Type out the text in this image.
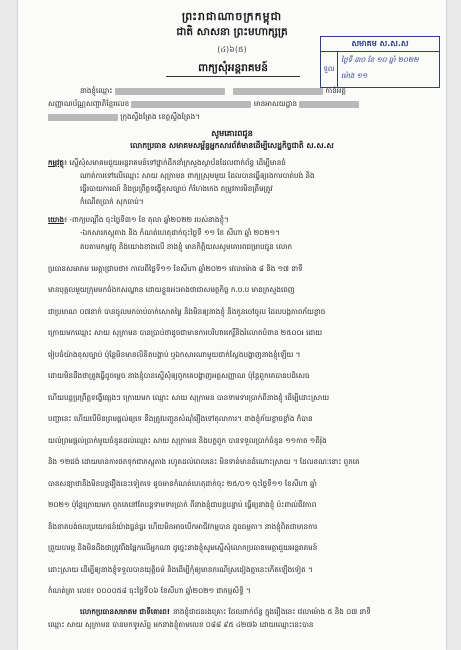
ព្រះរាជាណាចក្រកម្ពុជា
ជាតិ សាសនា ព្រះមហាក្សត្រ
(៤)៦(៥)
សមាគម ស.ស.ស
ទួល
ថ្ងៃទី ៣០ ខែ ១០ ឆ្នាំ ២០២២
ម៉ោង ១១
ពាក្យសុំអន្តរាគមន៍
នាងខ្ញុំឈ្មោះ	កាន់អត្ត
សញ្ញាណប័ណ្ណសញ្ជាតិខ្មែរលេខ	មានអាសយដ្ឋាន
ក្រុងស្ទឹងត្រែង ខេត្តស្ទឹងត្រែង។
សូមគោរពជូន
លោកប្រធាន សមាគមសម្ព័ន្ធអ្នកសារព័ត៌មានដើម្បីសេដ្ឋកិច្ចជាតិ ស.ស.ស
កម្មវត្ថុ៖ ស្នើសុំសមាគមជួយអន្តរាគមន៍ទៅថ្នាក់ដឹកនាំក្រសួងស្ថាប័នដែលពាក់ព័ន្ធ ដើម្បីមានចំ
ណាត់ការទៅលើឈ្មោះ សាយ សុក្រាមន ពាក្យស្រុមមួយ ដែលបានធ្វើឲ្យរងការបាត់បង់ និង
ធ្វើរបាយការណ៍ និងប្រព្រឹត្តទង្វើខុសច្បាប់ កំហែងកេង តម្រូវការមិនត្រឹមត្រូវ
កំណើតប្រាក់ សុកចាប់។
យោង៖ -ពាក្យបណ្តឹង ចុះថ្ងៃទី៣១ ខែ តុលា ឆ្នាំ២០២២ របស់នាងខ្ញុំ។
-ឯកសារភស្តុតាង និង កំណត់ហេតុដាក់ចុះថ្ងៃទី ១១ ខែ សីហា ឆ្នាំ ២០២១។
តបតាមកម្មវត្ថុ និងយោងខាងលើ នាងខ្ញុំ មានកិត្តិយសសូមគោរពជម្រាបជូន លោក
ប្រធានសមាគម មេត្តាជ្រាបថា៖ កាលពីថ្ងៃទី១១ ខែសីហា ឆ្នាំ២០២១ វេលាម៉ោង ៨ និង ១៧ នាទី
មានបុគ្គលមួយក្រុមមកចំងកសណ្ឋាន ដោយខ្លួនអះអាងថាជាសមត្ថកិច្ច ក.ប.ប មានក្រសួងពេញ
ជាប្រមាណ ០៧នាក់ បានចូលមកចាប់ចាក់សោតម្លៃ និងមិនឲ្យនាងខ្ញុំ និងកូនចៅចូល ដែលបង្កភាពភ័យខ្លាច
ក្រោយមកឈ្មោះ សាយ សុក្រាមន បានប្រាប់ថាដូចជាមានការបរិហារកេរ្តិ៍និងរំលោភបំពាន ២៥០០៛ ដោយ
រៀបចំយ៉ាងខុសច្បាប់ ប៉ុន្តែមិនមានលិខិតបង្គាប់ ឬឯកសារណាមួយជាក់ស្តែងបង្ហាញនាងខ្ញុំឡើយ ។
ដោយមិនដឹងថាត្រូវធ្វើដូចម្តេច នាងខ្ញុំបានស្នើសុំឲ្យពួកគេបង្ហាញអត្តសញ្ញាណ ប៉ុន្តែពួកគេបានបដិសេធ
ហើយបន្តប្រព្រឹត្តទង្វើផ្សេងៗ ក្រោយមក ឈ្មោះ សាយ សុក្រាមន បានទាមទារប្រាក់ពីនាងខ្ញុំ ដើម្បីដោះស្រាយ
បញ្ហានេះ ហើយបើមិនព្រមផ្តល់ឲ្យទេ នឹងត្រូវបញ្ជូនសំណុំរឿងទៅតុលាការ។ នាងខ្ញុំភ័យខ្លាចខ្លាំង ក៏បាន
យល់ព្រមផ្តល់ប្រាក់មួយចំនួនដល់ឈ្មោះ សាយ សុក្រាមន និងបក្ខពួក បានទទួលប្រាក់ចំនួន ១១កាត ១ពីរ៉ុង
និង ១២ជង់ ដោយមានការថតទុកជាភស្តុតាង រហូតដល់ពេលនេះ មិនទាន់មានដំណោះស្រាយ ។ ដែលខណៈនោះ ពួកគេ
បានសន្យាថានឹងមិនបន្តរឿងនេះទៀតទេ ដូចមានកំណត់ហេតុដាក់ចុះ ២៥/០១ ចុះថ្ងៃទី១១ ខែសីហា ឆ្នាំ
២០២១ ប៉ុន្តែក្រោយមក ពួកគេនៅតែបន្តទាមទារប្រាក់ ពីនាងខ្ញុំជាបន្តបន្ទាប់ ធ្វើឲ្យនាងខ្ញុំ ប៉ះពាល់ជីវភាព
និងខាតបង់ផលប្រយោជន៍យ៉ាងធ្ងន់ធ្ងរ ហើយមិនអាចបើកអាជីវកម្មបាន ដូចធម្មតា។ នាងខ្ញុំពិតជាមានការ
ព្រួយបារម្ភ និងមិនដឹងថាត្រូវពឹងផ្អែកលើអ្នកណា ដូច្នេះនាងខ្ញុំសូមស្នើសុំលោកប្រធានមេត្តាជួយអន្តរាគមន៍
ដោះស្រាយ ដើម្បីឲ្យនាងខ្ញុំទទួលបានយុត្តិធម៌ និងដើម្បីកុំឲ្យមានករណីស្រដៀងគ្នានេះកើតឡើងទៀត ។
កំណត់ត្រា លេខ៖ ០០០០៥៨ ចុះថ្ងៃទី០៦ ខែសីហា ឆ្នាំ២០២១ ជាកម្មសិទ្ធិ ។
លោកប្រធានសមាគម ជាទីគោរព! នាងខ្ញុំជាជនរងគ្រោះ ដែលពាក់ព័ន្ធ ក្នុងរឿងនេះ វេលាម៉ោង ៥ និង ០៧ នាទី
ឈ្មោះ សាយ សុក្រាមន បានមកទូរស័ព្ទ មកនាងខ្ញុំតាមលេខ ០៨៨ ៩៥ ៤២៧៦ ដោយឈ្មោះនេះបាន
